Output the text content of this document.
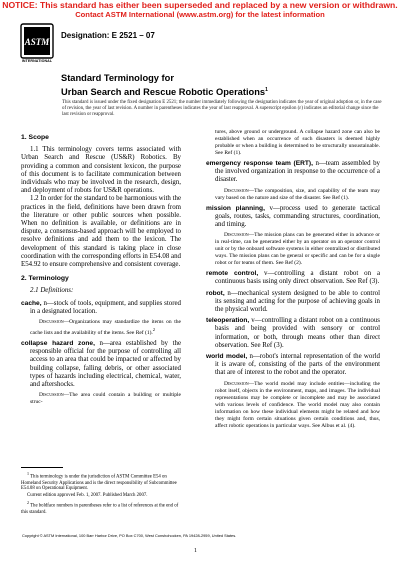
NOTICE: This standard has either been superseded and replaced by a new version or withdrawn.
Contact ASTM International (www.astm.org) for the latest information
ASTM
INTERNATIONAL
Designation: E 2521 – 07
Standard Terminology for
Urban Search and Rescue Robotic Operations$^1$
This standard is issued under the fixed designation E 2521; the number immediately following the designation indicates the year of original adoption or, in the case of revision, the year of last revision. A number in parentheses indicates the year of last reapproval. A superscript epsilon (ε) indicates an editorial change since the last revision or reapproval.

1. Scope

1.1 This terminology covers terms associated with Urban Search and Rescue (US&R) Robotics. By providing a common and consistent lexicon, the purpose of this document is to facilitate communication between individuals who may be involved in the research, design, and deployment of robots for US&R operations.

1.2 In order for the standard to be harmonious with the practices in the field, definitions have been drawn from the literature or other public sources when possible. When no definition is available, or definitions are in dispute, a consensus-based approach will be employed to resolve definitions and add them to the lexicon. The development of this standard is taking place in close coordination with the corresponding efforts in E54.08 and E54.92 to ensure comprehensive and consistent coverage.

2. Terminology

2.1 Definitions:

cache, n—stock of tools, equipment, and supplies stored in a designated location.

Discussion—Organizations may standardize the items on the cache lists and the availability of the items. See Ref (1).$^2$

collapse hazard zone, n—area established by the responsible official for the purpose of controlling all access to an area that could be impacted or affected by building collapse, falling debris, or other associated types of hazards including electrical, chemical, water, and aftershocks.

Discussion—The area could contain a building or multiple struc-

$^1$ This terminology is under the jurisdiction of ASTM Committee E54 on Homeland Security Applications and is the direct responsibility of Subcommittee E54.08 on Operational Equipment.

Current edition approved Feb. 1, 2007. Published March 2007.

$^2$ The boldface numbers in parentheses refer to a list of references at the end of this standard.

tures, above ground or underground. A collapse hazard zone can also be established when an occurrence of such disasters is deemed highly probable or when a building is determined to be structurally unsustainable. See Ref (1).

emergency response team (ERT), n—team assembled by the involved organization in response to the occurrence of a disaster.

Discussion—The composition, size, and capability of the team may vary based on the nature and size of the disaster. See Ref (1).

mission planning, v—process used to generate tactical goals, routes, tasks, commanding structures, coordination, and timing.

Discussion—The mission plans can be generated either in advance or in real-time, can be generated either by an operator on an operator control unit or by the onboard software systems in either centralized or distributed ways. The mission plans can be general or specific and can be for a single robot or for teams of them. See Ref (2).

remote control, v—controlling a distant robot on a continuous basis using only direct observation. See Ref (3).

robot, n—mechanical system designed to be able to control its sensing and acting for the purpose of achieving goals in the physical world.

teleoperation, v—controlling a distant robot on a continuous basis and being provided with sensory or control information, or both, through means other than direct observation. See Ref (3).

world model, n—robot's internal representation of the world it is aware of, consisting of the parts of the environment that are of interest to the robot and the operator.

Discussion—The world model may include entities—including the robot itself, objects in the environment, maps, and images. The individual representations may be complete or incomplete and may be associated with various levels of confidence. The world model may also contain information on how these individual elements might be related and how they might form certain situations given certain conditions and, thus, affect robotic operations in particular ways. See Albus et al. (4).

Copyright © ASTM International, 100 Barr Harbor Drive, PO Box C700, West Conshohocken, PA 19428-2959, United States.
1
